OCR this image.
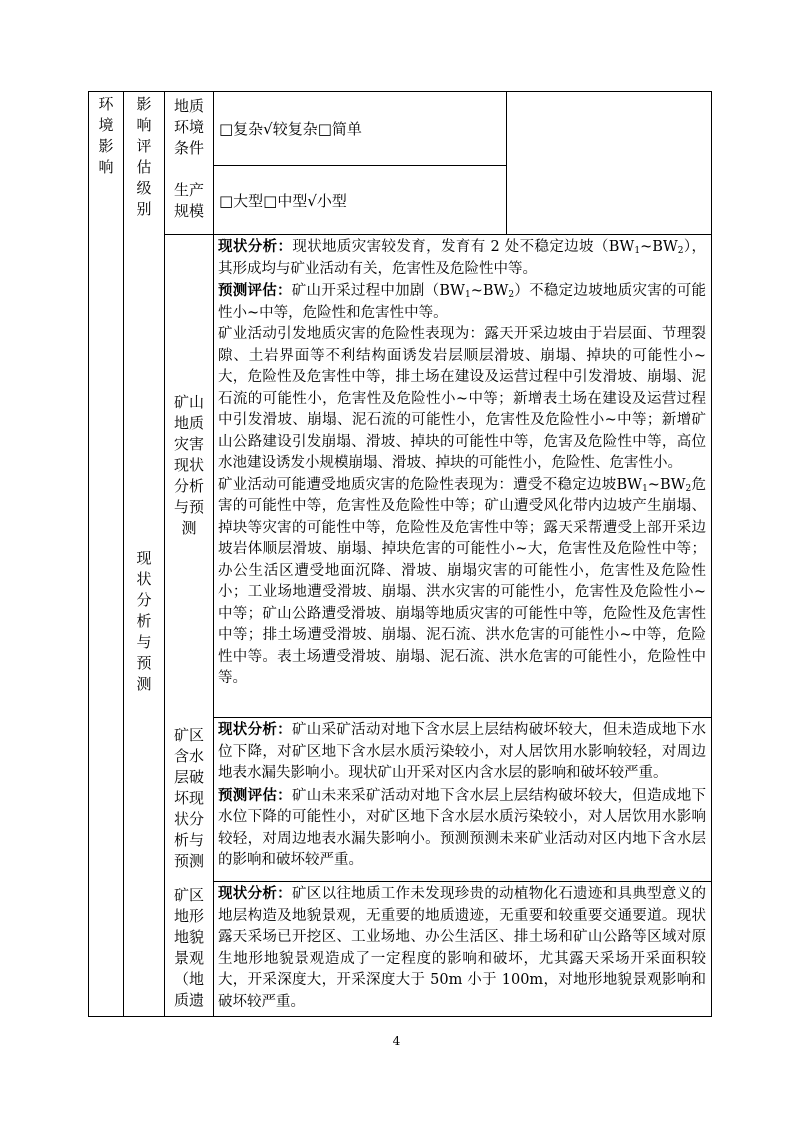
环
境
影
响
影
响
评
估
级
别
现
状
分
析
与
预
测
地质
环境
条件
□复杂√较复杂□简单
生产
规模
□大型□中型√小型
矿山
地质
灾害
现状
分析
与预
测

现状分析：现状地质灾害较发育，发育有 2 处不稳定边坡$(BW_1\sim BW_2)$，其形成均与矿业活动有关，危害性及危险性中等。

预测评估：矿山开采过程中加剧$(BW_1\sim BW_2)$不稳定边坡地质灾害的可能性小~中等，危险性和危害性中等。

矿业活动引发地质灾害的危险性表现为：露天开采边坡由于岩层面、节理裂隙、土岩界面等不利结构面诱发岩层顺层滑坡、崩塌、掉块的可能性小~大，危险性及危害性中等，排土场在建设及运营过程中引发滑坡、崩塌、泥石流的可能性小，危害性及危险性小~中等；新增表土场在建设及运营过程中引发滑坡、崩塌、泥石流的可能性小，危害性及危险性小~中等；新增矿山公路建设引发崩塌、滑坡、掉块的可能性中等，危害及危险性中等，高位水池建设诱发小规模崩塌、滑坡、掉块的可能性小，危险性、危害性小。

矿业活动可能遭受地质灾害的危险性表现为：遭受不稳定边坡$BW_1\sim BW_2$危害的可能性中等，危害性及危险性中等；矿山遭受风化带内边坡产生崩塌、掉块等灾害的可能性中等，危险性及危害性中等；露天采帮遭受上部开采边坡岩体顺层滑坡、崩塌、掉块危害的可能性小~大，危害性及危险性中等；办公生活区遭受地面沉降、滑坡、崩塌灾害的可能性小，危害性及危险性小；工业场地遭受滑坡、崩塌、洪水灾害的可能性小，危害性及危险性小~中等；矿山公路遭受滑坡、崩塌等地质灾害的可能性中等，危险性及危害性中等；排土场遭受滑坡、崩塌、泥石流、洪水危害的可能性小~中等，危险性中等。表土场遭受滑坡、崩塌、泥石流、洪水危害的可能性小，危险性中等。

矿区
含水
层破
坏现
状分
析与
预测

现状分析：矿山采矿活动对地下含水层上层结构破坏较大，但未造成地下水位下降，对矿区地下含水层水质污染较小，对人居饮用水影响较轻，对周边地表水漏失影响小。现状矿山开采对区内含水层的影响和破坏较严重。

预测评估：矿山未来采矿活动对地下含水层上层结构破坏较大，但造成地下水位下降的可能性小，对矿区地下含水层水质污染较小，对人居饮用水影响较轻，对周边地表水漏失影响小。预测预测未来矿业活动对区内地下含水层的影响和破坏较严重。

矿区
地形
地貌
景观
（地
质遗

现状分析：矿区以往地质工作未发现珍贵的动植物化石遗迹和具典型意义的地层构造及地貌景观，无重要的地质遗迹，无重要和较重要交通要道。现状露天采场已开挖区、工业场地、办公生活区、排土场和矿山公路等区域对原生地形地貌景观造成了一定程度的影响和破坏，尤其露天采场开采面积较大，开采深度大，开采深度大于 50m 小于 100m，对地形地貌景观影响和破坏较严重。

4
